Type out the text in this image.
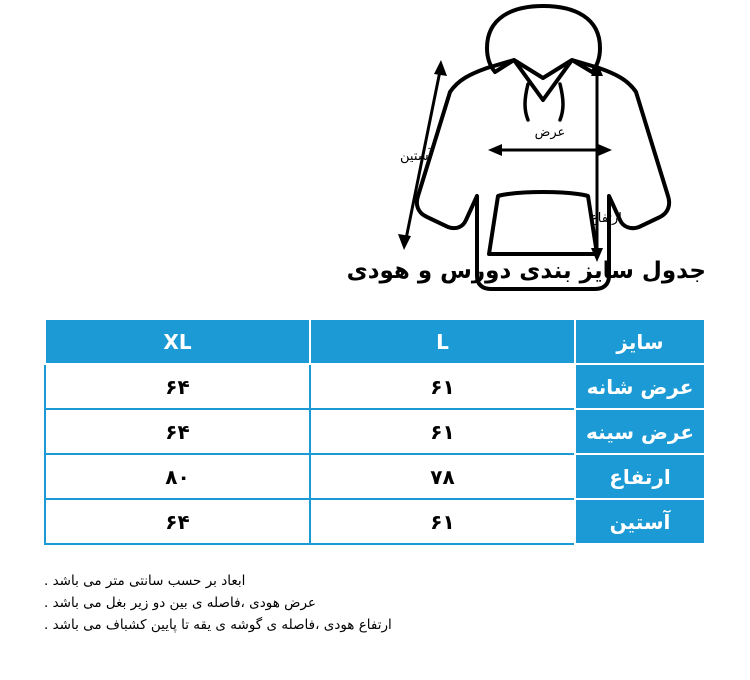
آستین
عرض
ارتفاع
جدول سایز بندی دورس و هودی
سایز	L	XL
عرض شانه	۶۱	۶۴
عرض سینه	۶۱	۶۴
ارتفاع	۷۸	۸۰
آستین	۶۱	۶۴
ابعاد بر حسب سانتی متر می باشد .
عرض هودی ،فاصله ی بین دو زیر بغل می باشد .
ارتفاع هودی ،فاصله ی گوشه ی یقه تا پایین کشباف می باشد .
